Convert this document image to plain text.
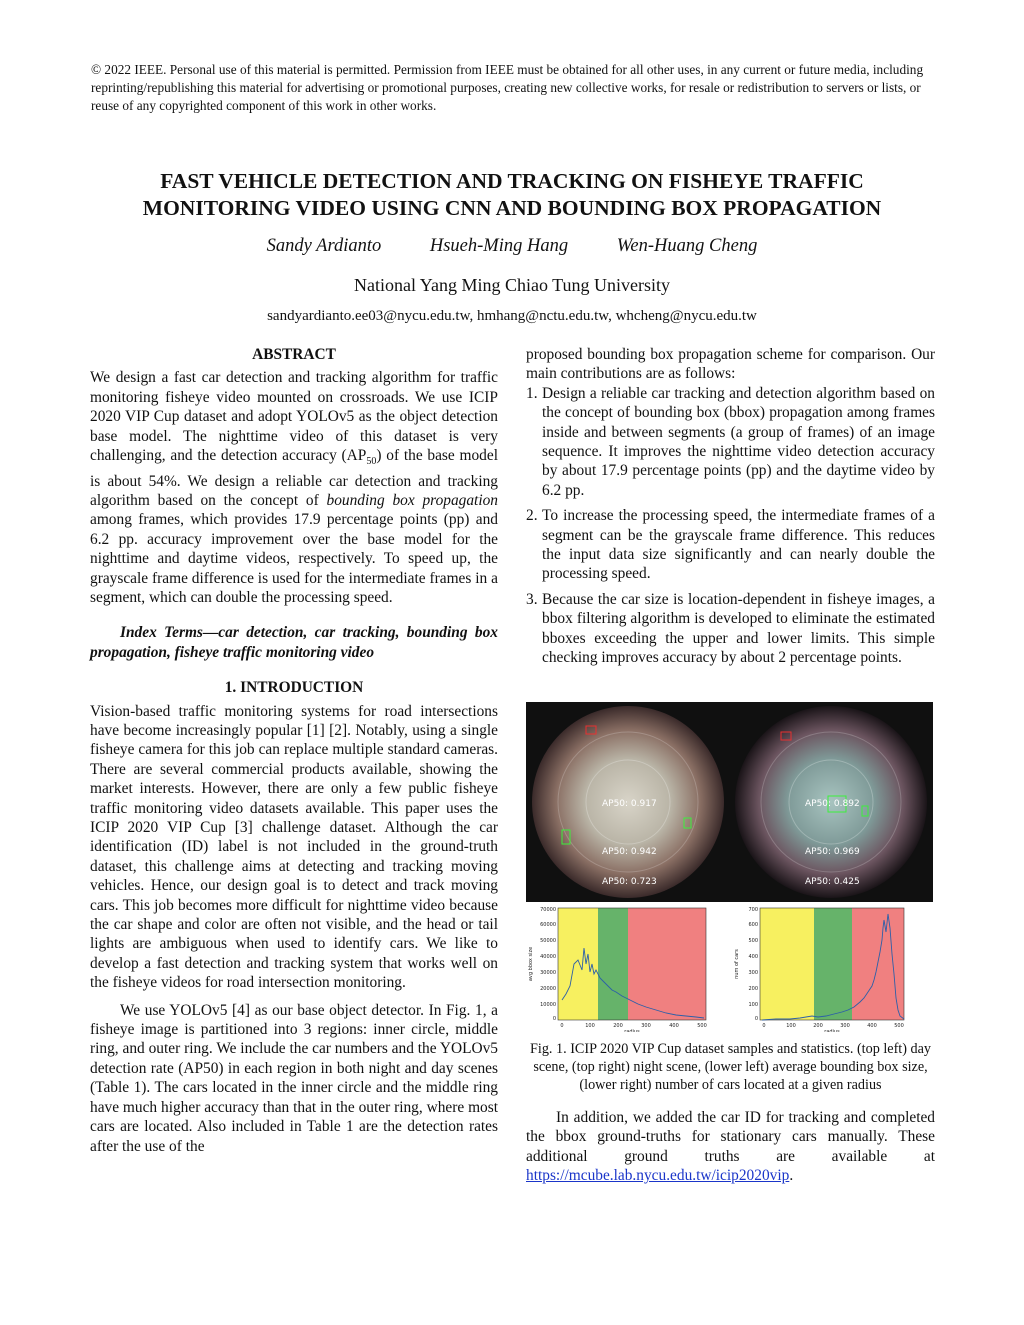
© 2022 IEEE. Personal use of this material is permitted. Permission from IEEE must be obtained for all other uses, in any current or future media, including reprinting/republishing this material for advertising or promotional purposes, creating new collective works, for resale or redistribution to servers or lists, or reuse of any copyrighted component of this work in other works.
FAST VEHICLE DETECTION AND TRACKING ON FISHEYE TRAFFIC
MONITORING VIDEO USING CNN AND BOUNDING BOX PROPAGATION
Sandy Ardianto	Hsueh-Ming Hang	Wen-Huang Cheng
National Yang Ming Chiao Tung University
sandyardianto.ee03@nycu.edu.tw, hmhang@nctu.edu.tw, whcheng@nycu.edu.tw
ABSTRACT

We design a fast car detection and tracking algorithm for traffic monitoring fisheye video mounted on crossroads. We use ICIP 2020 VIP Cup dataset and adopt YOLOv5 as the object detection base model. The nighttime video of this dataset is very challenging, and the detection accuracy $(AP_{50})$ of the base model is about 54%. We design a reliable car detection and tracking algorithm based on the concept of bounding box propagation among frames, which provides 17.9 percentage points (pp) and 6.2 pp. accuracy improvement over the base model for the nighttime and daytime videos, respectively. To speed up, the grayscale frame difference is used for the intermediate frames in a segment, which can double the processing speed.

Index Terms—car detection, car tracking, bounding box propagation, fisheye traffic monitoring video
1. INTRODUCTION

Vision-based traffic monitoring systems for road intersections have become increasingly popular [1] [2]. Notably, using a single fisheye camera for this job can replace multiple standard cameras. There are several commercial products available, showing the market interests. However, there are only a few public fisheye traffic monitoring video datasets available. This paper uses the ICIP 2020 VIP Cup [3] challenge dataset. Although the car identification (ID) label is not included in the ground-truth dataset, this challenge aims at detecting and tracking moving vehicles. Hence, our design goal is to detect and track moving cars. This job becomes more difficult for nighttime video because the car shape and color are often not visible, and the head or tail lights are ambiguous when used to identify cars. We like to develop a fast detection and tracking system that works well on the fisheye videos for road intersection monitoring.

We use YOLOv5 [4] as our base object detector. In Fig. 1, a fisheye image is partitioned into 3 regions: inner circle, middle ring, and outer ring. We include the car numbers and the YOLOv5 detection rate (AP50) in each region in both night and day scenes (Table 1). The cars located in the inner circle and the middle ring have much higher accuracy than that in the outer ring, where most cars are located. Also included in Table 1 are the detection rates after the use of the

proposed bounding box propagation scheme for comparison. Our main contributions are as follows:

1. Design a reliable car tracking and detection algorithm based on the concept of bounding box (bbox) propagation among frames inside and between segments (a group of frames) of an image sequence. It improves the nighttime video detection accuracy by about 17.9 percentage points (pp) and the daytime video by 6.2 pp.
2. To increase the processing speed, the intermediate frames of a segment can be the grayscale frame difference. This reduces the input data size significantly and can nearly double the processing speed.
3. Because the car size is location-dependent in fisheye images, a bbox filtering algorithm is developed to eliminate the estimated bboxes exceeding the upper and lower limits. This simple checking improves accuracy by about 2 percentage points.
AP50: 0.917
AP50: 0.942
AP50: 0.723
AP50: 0.892
AP50: 0.969
AP50: 0.425
70000
60000
50000
40000
30000
20000
10000
0
0	100	200	300	400	500
radius
avg bbox size
700
600
500
400
300
200
100
0
0	100	200	300	400	500
radius
num of cars
Fig. 1. ICIP 2020 VIP Cup dataset samples and statistics. (top left) day scene, (top right) night scene, (lower left) average bounding box size, (lower right) number of cars located at a given radius

In addition, we added the car ID for tracking and completed the bbox ground-truths for stationary cars manually. These additional ground truths are available at https://mcube.lab.nycu.edu.tw/icip2020vip.
